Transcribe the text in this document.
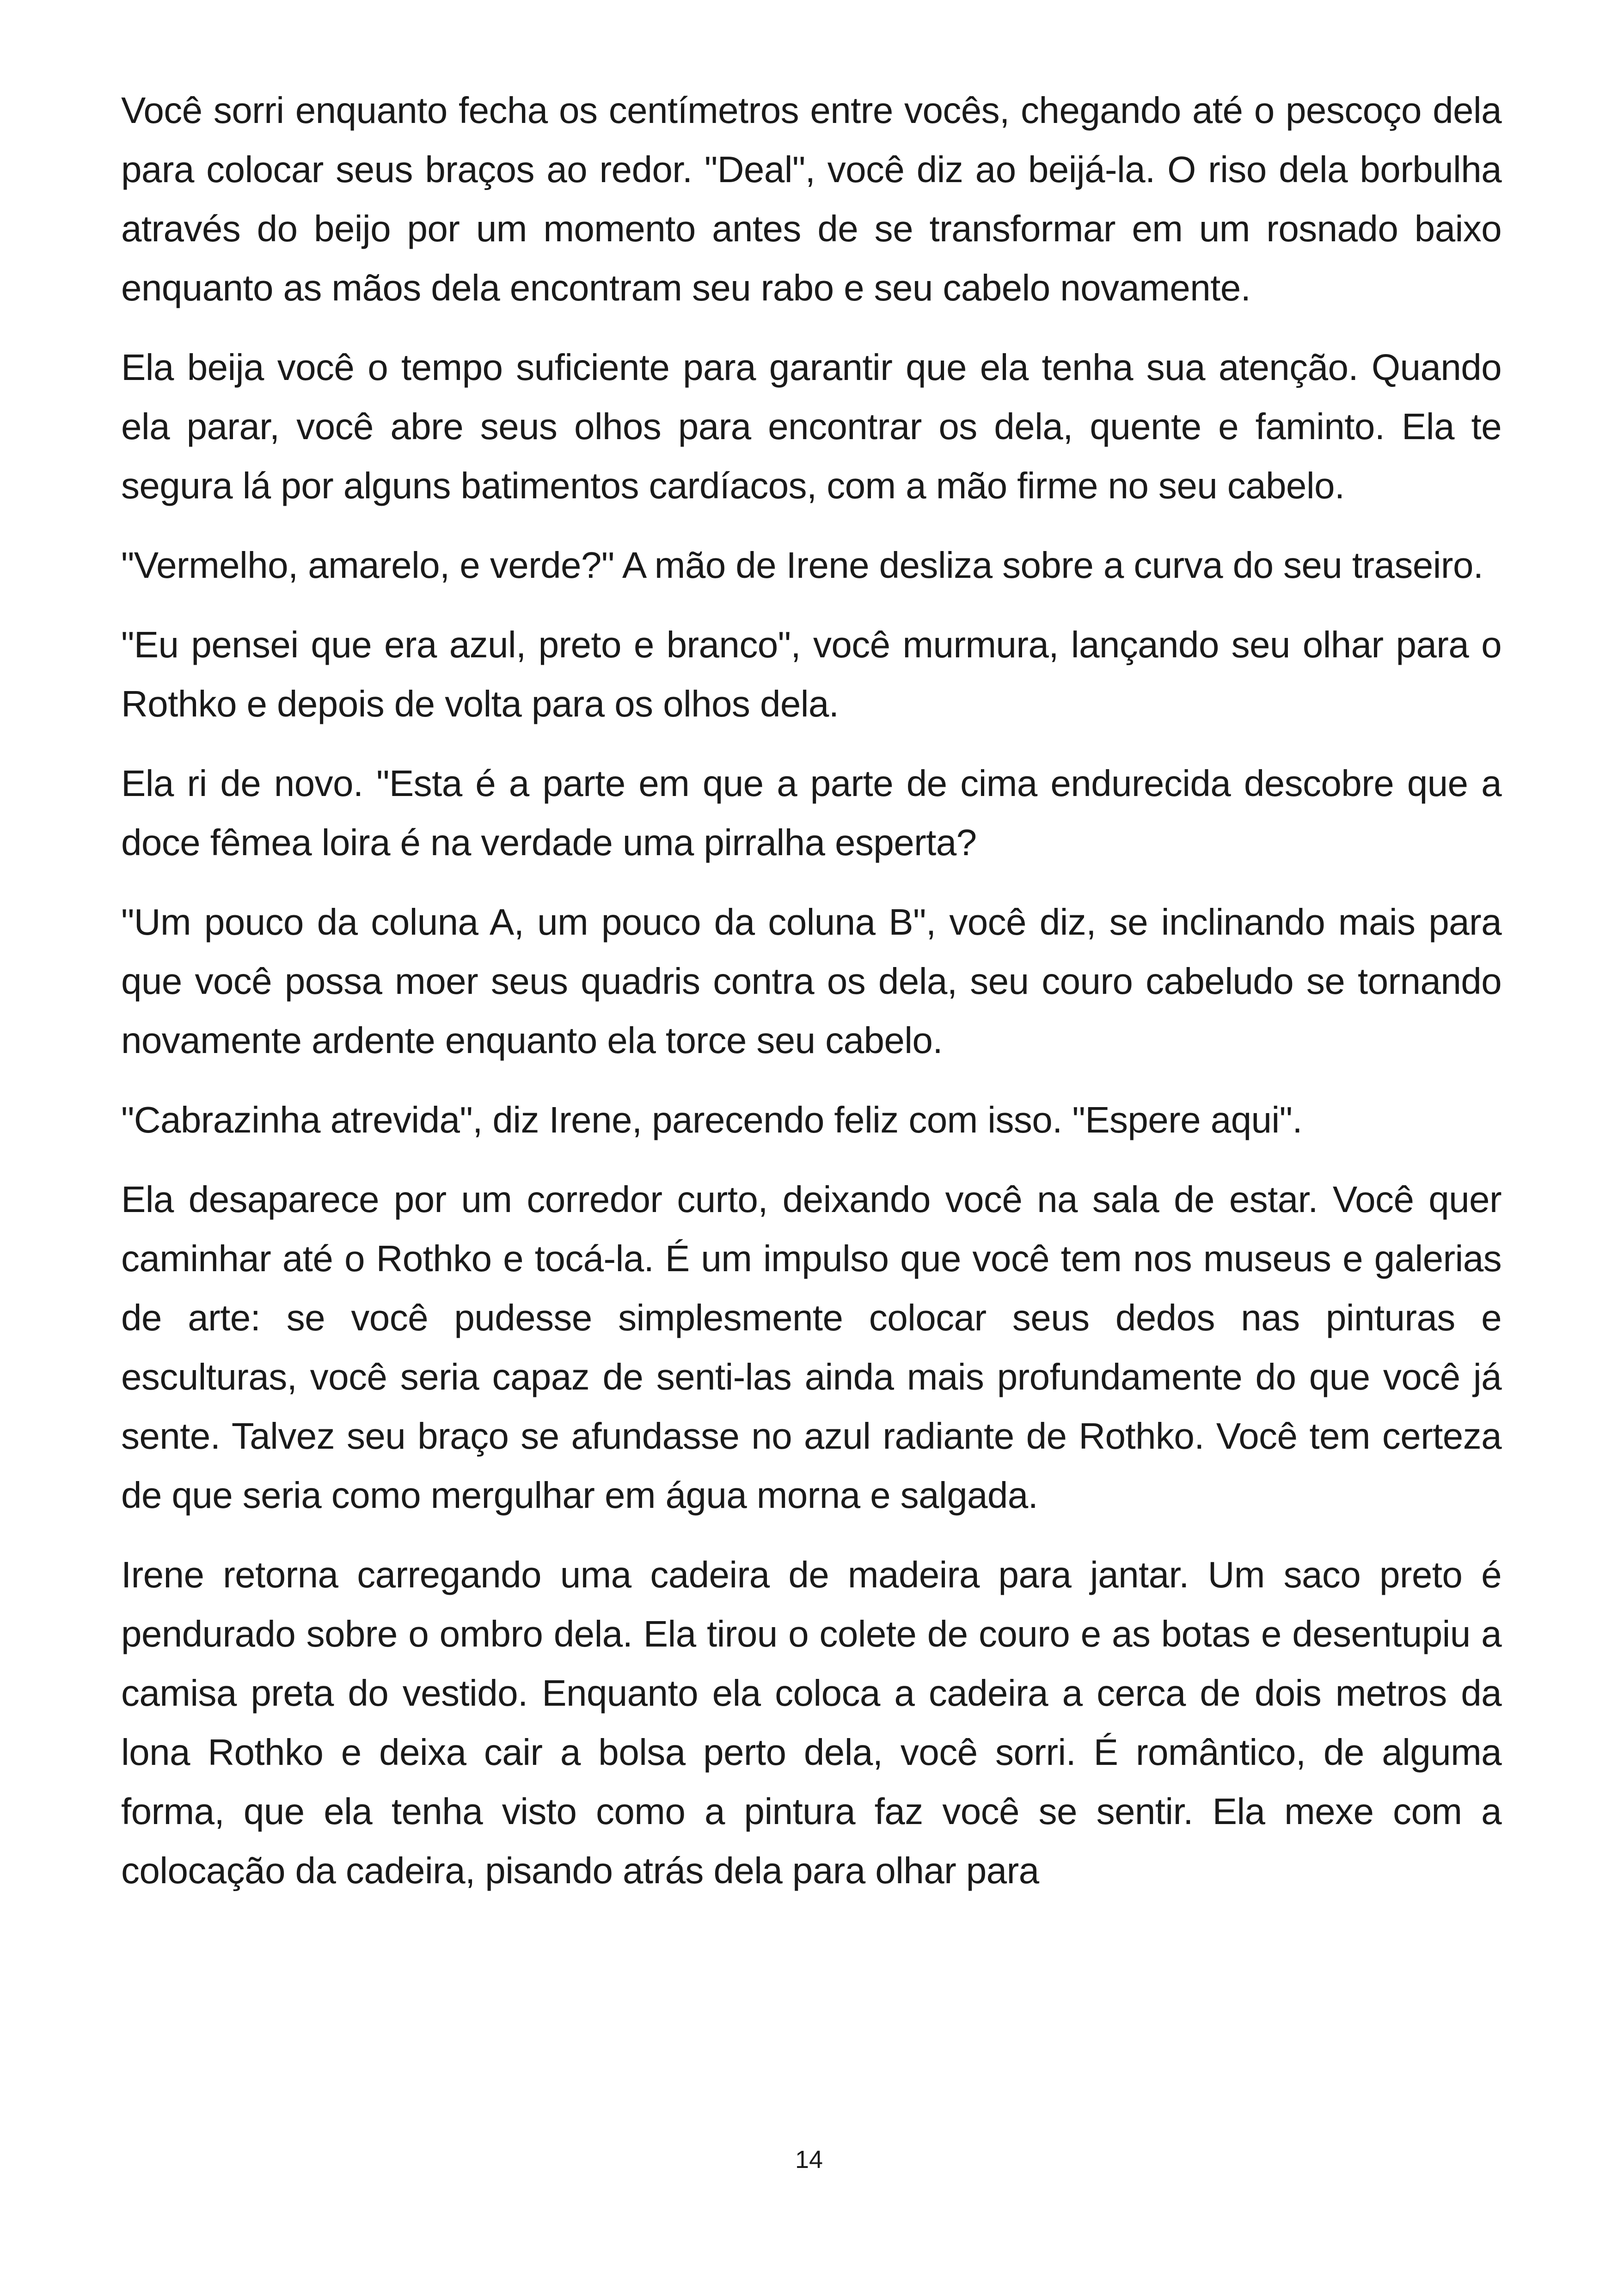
Você sorri enquanto fecha os centímetros entre vocês, chegando até o pescoço dela para colocar seus braços ao redor. "Deal", você diz ao beijá-la. O riso dela borbulha através do beijo por um momento antes de se transformar em um rosnado baixo enquanto as mãos dela encontram seu rabo e seu cabelo novamente.

Ela beija você o tempo suficiente para garantir que ela tenha sua atenção. Quando ela parar, você abre seus olhos para encontrar os dela, quente e faminto. Ela te segura lá por alguns batimentos cardíacos, com a mão firme no seu cabelo.

"Vermelho, amarelo, e verde?" A mão de Irene desliza sobre a curva do seu traseiro.

"Eu pensei que era azul, preto e branco", você murmura, lançando seu olhar para o Rothko e depois de volta para os olhos dela.

Ela ri de novo. "Esta é a parte em que a parte de cima endurecida descobre que a doce fêmea loira é na verdade uma pirralha esperta?

"Um pouco da coluna A, um pouco da coluna B", você diz, se inclinando mais para que você possa moer seus quadris contra os dela, seu couro cabeludo se tornando novamente ardente enquanto ela torce seu cabelo.

"Cabrazinha atrevida", diz Irene, parecendo feliz com isso. "Espere aqui".

Ela desaparece por um corredor curto, deixando você na sala de estar. Você quer caminhar até o Rothko e tocá-la. É um impulso que você tem nos museus e galerias de arte: se você pudesse simplesmente colocar seus dedos nas pinturas e esculturas, você seria capaz de senti-las ainda mais profundamente do que você já sente. Talvez seu braço se afundasse no azul radiante de Rothko. Você tem certeza de que seria como mergulhar em água morna e salgada.

Irene retorna carregando uma cadeira de madeira para jantar. Um saco preto é pendurado sobre o ombro dela. Ela tirou o colete de couro e as botas e desentupiu a camisa preta do vestido. Enquanto ela coloca a cadeira a cerca de dois metros da lona Rothko e deixa cair a bolsa perto dela, você sorri. É romântico, de alguma forma, que ela tenha visto como a pintura faz você se sentir. Ela mexe com a colocação da cadeira, pisando atrás dela para olhar para

14
